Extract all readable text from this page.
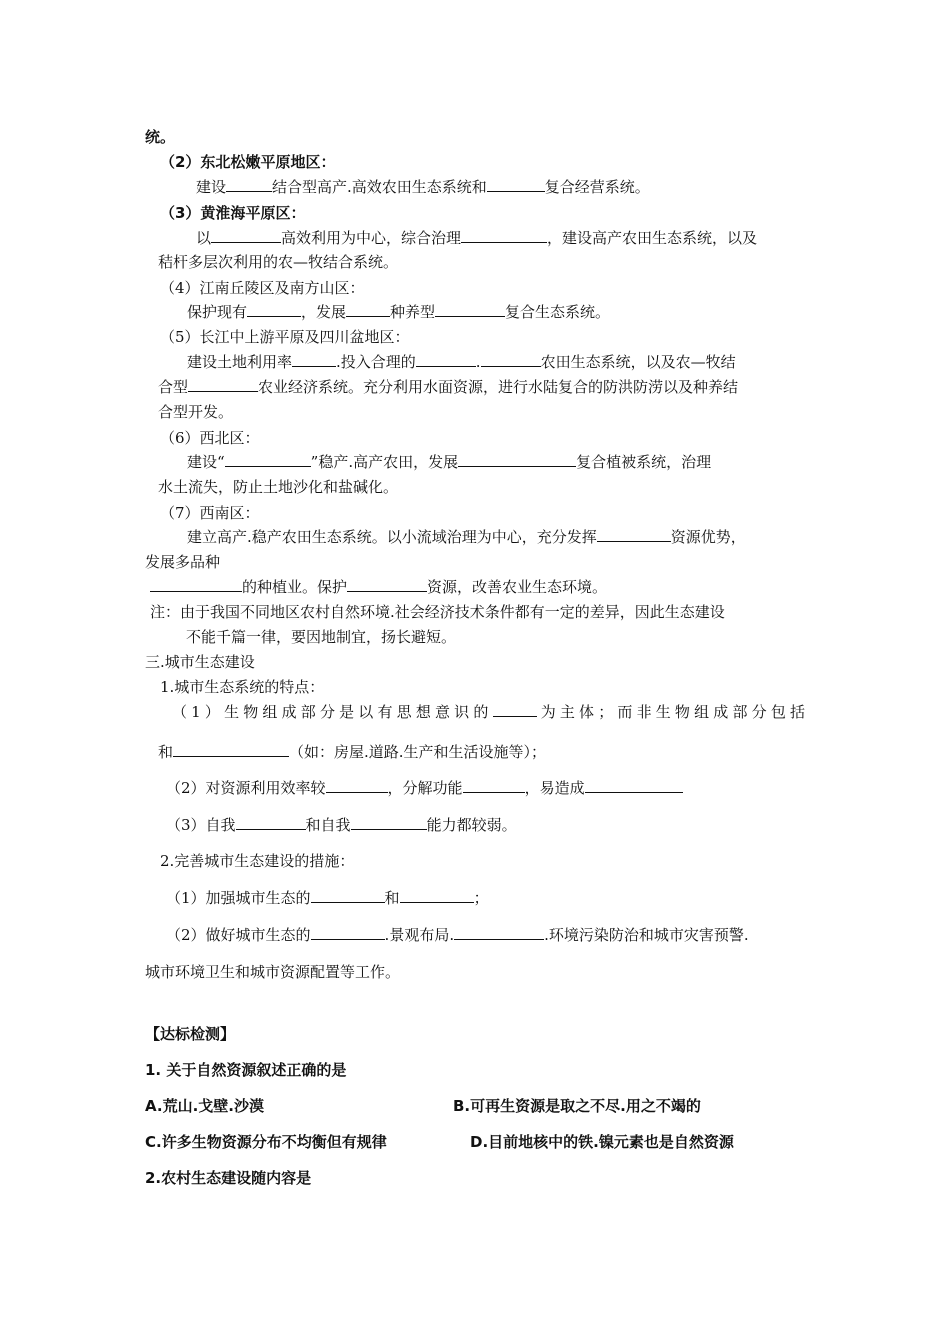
统。
（2）东北松嫩平原地区：
建设	结合型高产.高效农田生态系统和	复合经营系统。
（3）黄淮海平原区：
以	高效利用为中心，综合治理	，建设高产农田生态系统，以及
秸杆多层次利用的农—牧结合系统。
（4）江南丘陵区及南方山区：
保护现有	，发展	种养型	复合生态系统。
（5）长江中上游平原及四川盆地区：
建设土地利用率	.投入合理的	.	农田生态系统，以及农—牧结
合型	农业经济系统。充分利用水面资源，进行水陆复合的防洪防涝以及种养结
合型开发。
（6）西北区：
建设“	”稳产.高产农田，发展	复合植被系统，治理
水土流失，防止土地沙化和盐碱化。
（7）西南区：
建立高产.稳产农田生态系统。以小流域治理为中心，充分发挥	资源优势，
发展多品种
的种植业。保护	资源，改善农业生态环境。
注：由于我国不同地区农村自然环境.社会经济技术条件都有一定的差异，因此生态建设
不能千篇一律，要因地制宜，扬长避短。
三.城市生态建设
1.城市生态系统的特点：
（1）生物组成部分是以有思想意识的	为主体；而非生物组成部分包括
和	（如：房屋.道路.生产和生活设施等）；
（2）对资源利用效率较	，分解功能	，易造成
（3）自我	和自我	能力都较弱。
2.完善城市生态建设的措施：
（1）加强城市生态的	和	；
（2）做好城市生态的	.景观布局.	.环境污染防治和城市灾害预警.
城市环境卫生和城市资源配置等工作。
【达标检测】
1. 关于自然资源叙述正确的是
A.荒山.戈壁.沙漠	B.可再生资源是取之不尽.用之不竭的
C.许多生物资源分布不均衡但有规律	D.目前地核中的铁.镍元素也是自然资源
2.农村生态建设随内容是
